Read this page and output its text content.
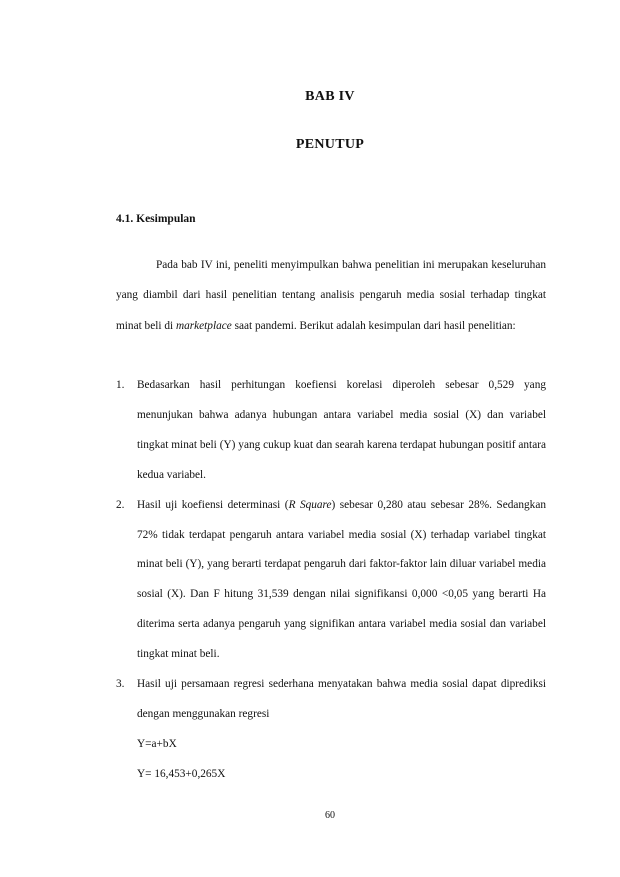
BAB IV
PENUTUP
4.1. Kesimpulan

Pada bab IV ini, peneliti menyimpulkan bahwa penelitian ini merupakan keseluruhan yang diambil dari hasil penelitian tentang analisis pengaruh media sosial terhadap tingkat minat beli di marketplace saat pandemi. Berikut adalah kesimpulan dari hasil penelitian:

1. Bedasarkan hasil perhitungan koefiensi korelasi diperoleh sebesar 0,529 yang menunjukan bahwa adanya hubungan antara variabel media sosial (X) dan variabel tingkat minat beli (Y) yang cukup kuat dan searah karena terdapat hubungan positif antara kedua variabel.
2. Hasil uji koefiensi determinasi (R Square) sebesar 0,280 atau sebesar 28%. Sedangkan 72% tidak terdapat pengaruh antara variabel media sosial (X) terhadap variabel tingkat minat beli (Y), yang berarti terdapat pengaruh dari faktor-faktor lain diluar variabel media sosial (X). Dan F hitung 31,539 dengan nilai signifikansi 0,000 <0,05 yang berarti Ha diterima serta adanya pengaruh yang signifikan antara variabel media sosial dan variabel tingkat minat beli.
3. Hasil uji persamaan regresi sederhana menyatakan bahwa media sosial dapat diprediksi dengan menggunakan regresi
Y=a+bX
Y= 16,453+0,265X
60
